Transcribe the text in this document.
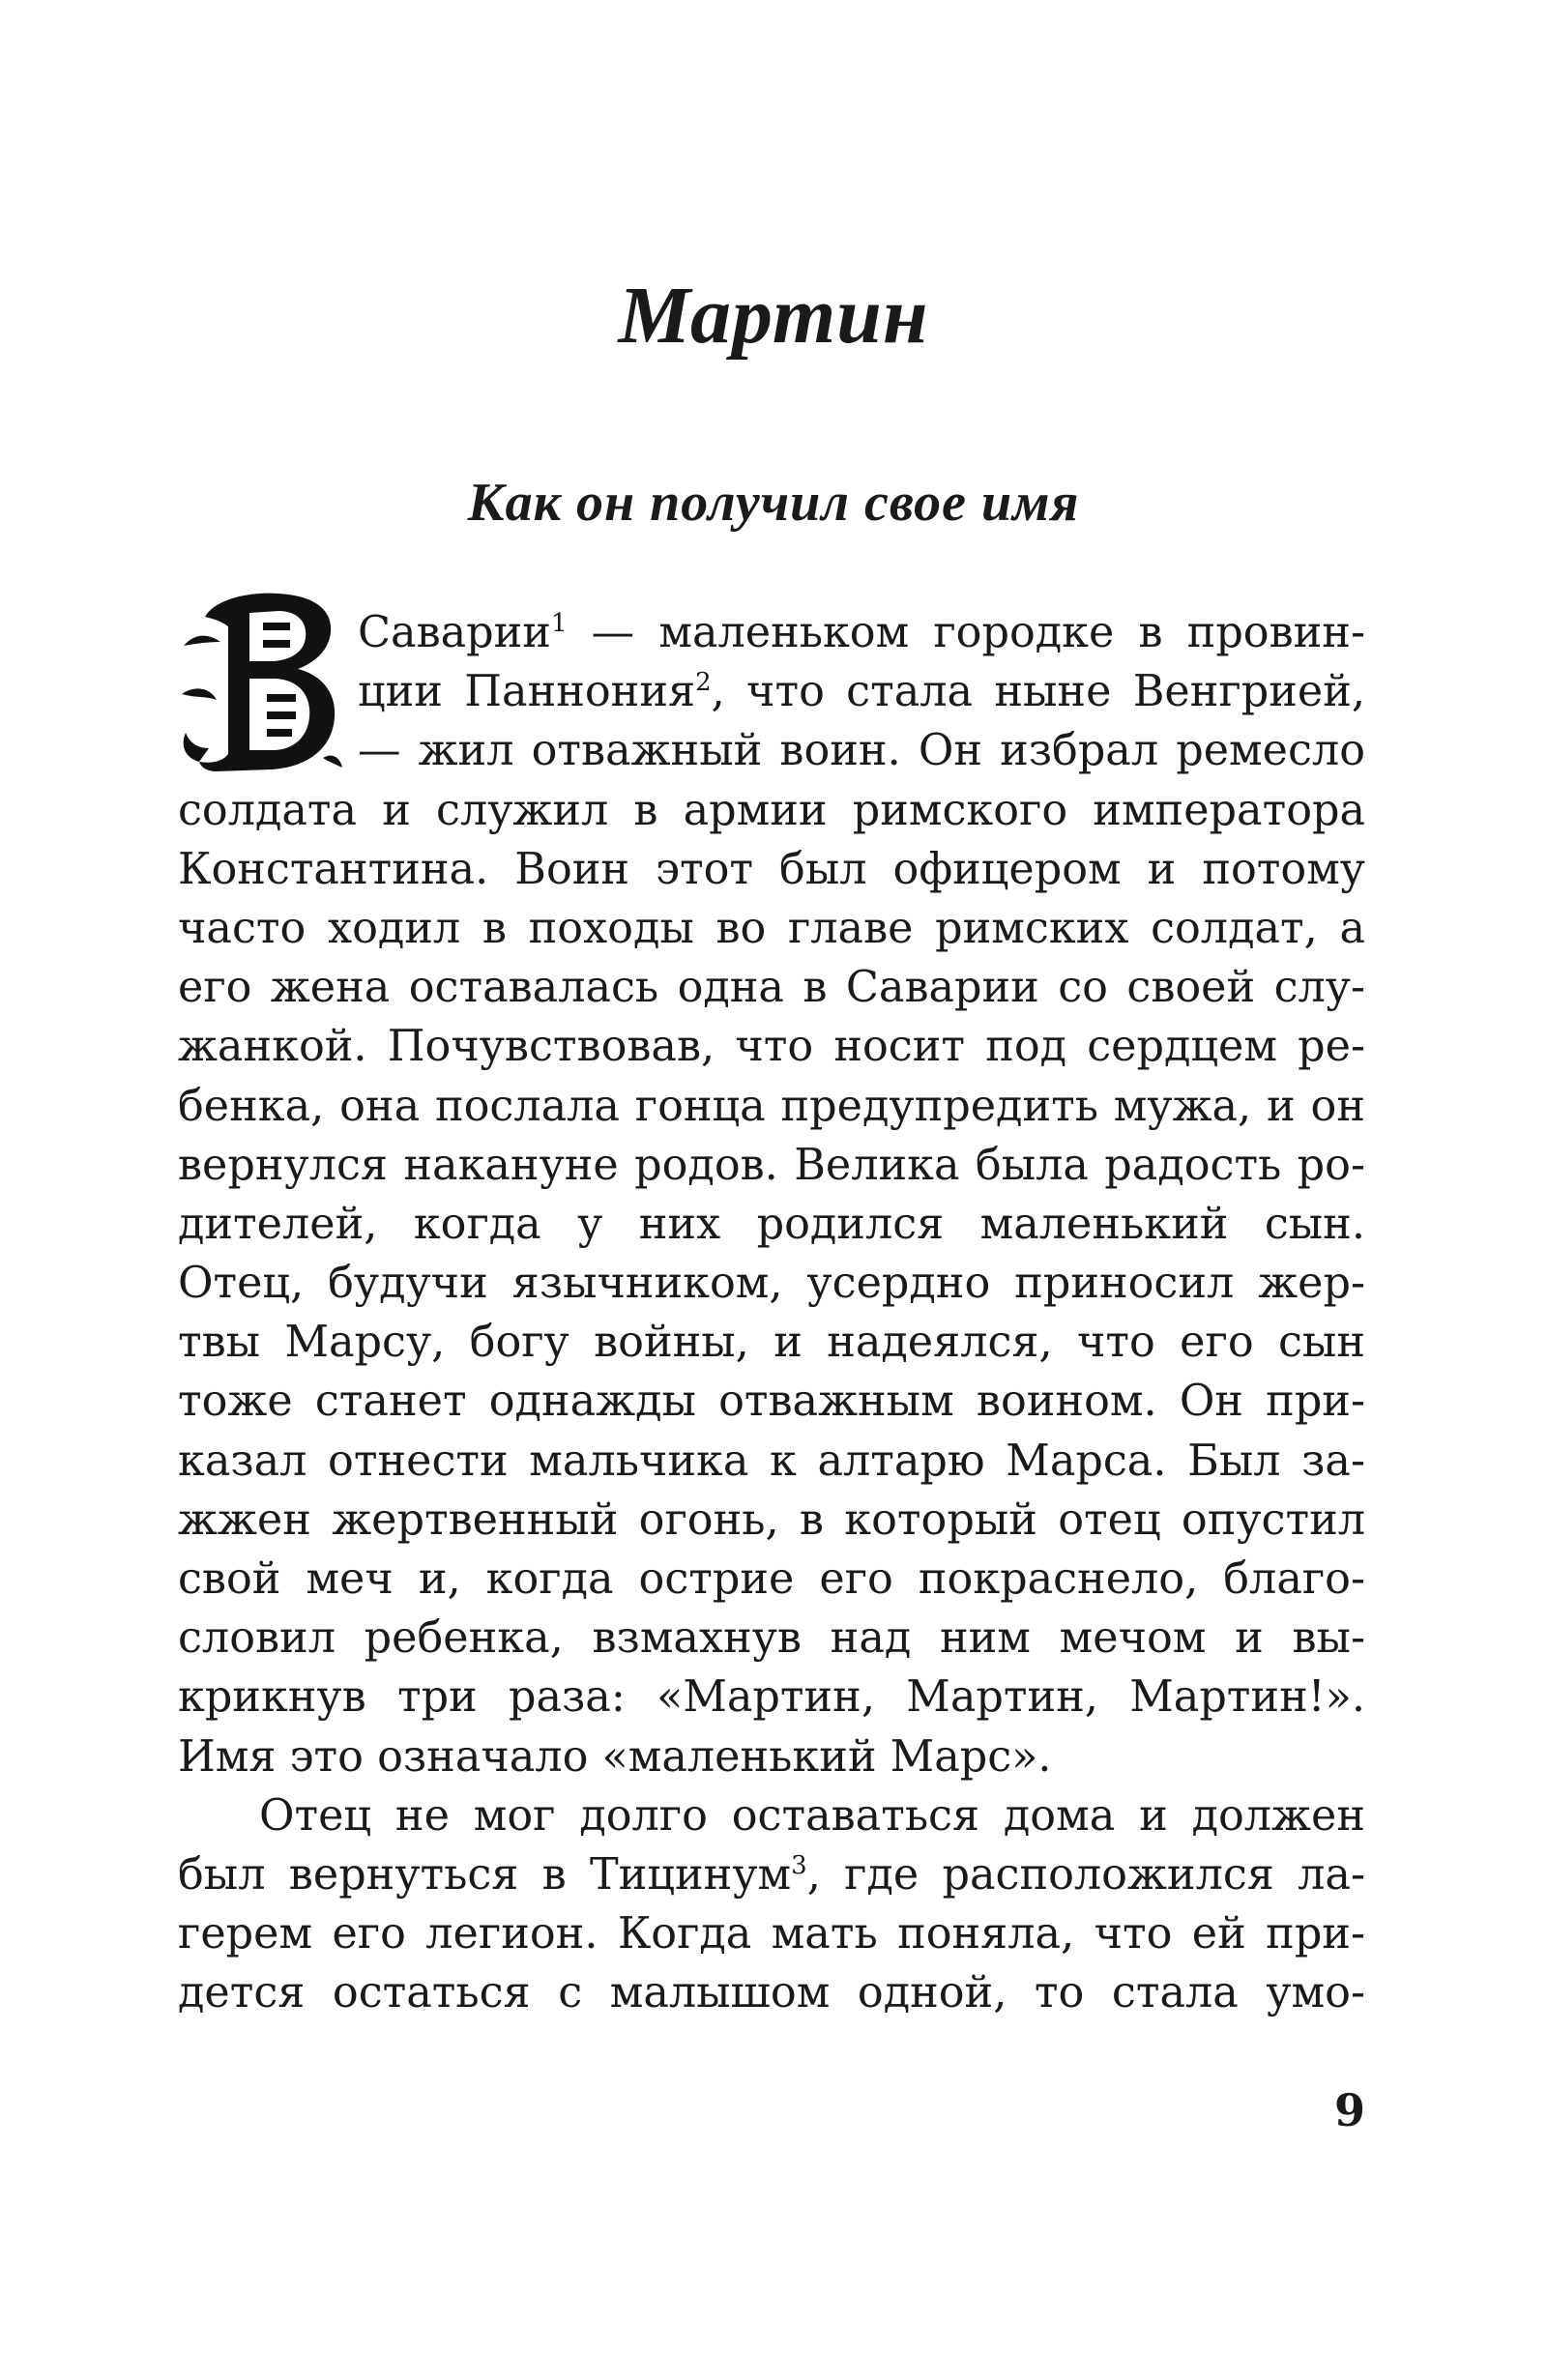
Мартин
Как он получил свое имя
Саварии$^1$ — маленьком городке в провин-
ции Паннония$^2$, что стала ныне Венгрией,
— жил отважный воин. Он избрал ремесло
солдата и служил в армии римского императора
Константина. Воин этот был офицером и потому
часто ходил в походы во главе римских солдат, а
его жена оставалась одна в Саварии со своей слу-
жанкой. Почувствовав, что носит под сердцем ре-
бенка, она послала гонца предупредить мужа, и он
вернулся накануне родов. Велика была радость ро-
дителей, когда у них родился маленький сын.
Отец, будучи язычником, усердно приносил жер-
твы Марсу, богу войны, и надеялся, что его сын
тоже станет однажды отважным воином. Он при-
казал отнести мальчика к алтарю Марса. Был за-
жжен жертвенный огонь, в который отец опустил
свой меч и, когда острие его покраснело, благо-
словил ребенка, взмахнув над ним мечом и вы-
крикнув три раза: «Мартин, Мартин, Мартин!».
Имя это означало «маленький Марс».
Отец не мог долго оставаться дома и должен
был вернуться в Тицинум$^3$, где расположился ла-
герем его легион. Когда мать поняла, что ей при-
дется остаться с малышом одной, то стала умо-
9
